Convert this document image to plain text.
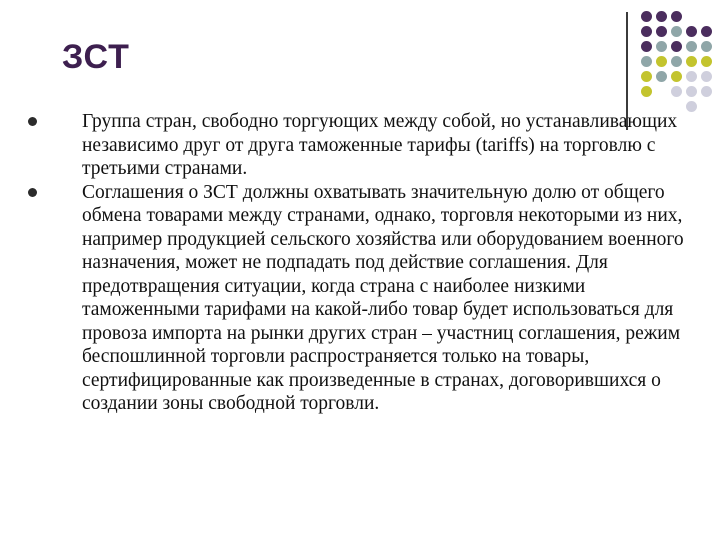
ЗСТ
Группа стран, свободно торгующих между собой, но устанавливающих независимо друг от друга таможенные тарифы (tariffs) на торговлю с третьими странами.
Соглашения о ЗСТ должны охватывать значительную долю от общего обмена товарами между странами, однако, торговля некоторыми из них, например продукцией сельского хозяйства или оборудованием военного назначения, может не подпадать под действие соглашения. Для предотвращения ситуации, когда страна с наиболее низкими таможенными тарифами на какой-либо товар будет использоваться для провоза импорта на рынки других стран – участниц соглашения, режим беспошлинной торговли распространяется только на товары, сертифицированные как произведенные в странах, договорившихся о создании зоны свободной торговли.
